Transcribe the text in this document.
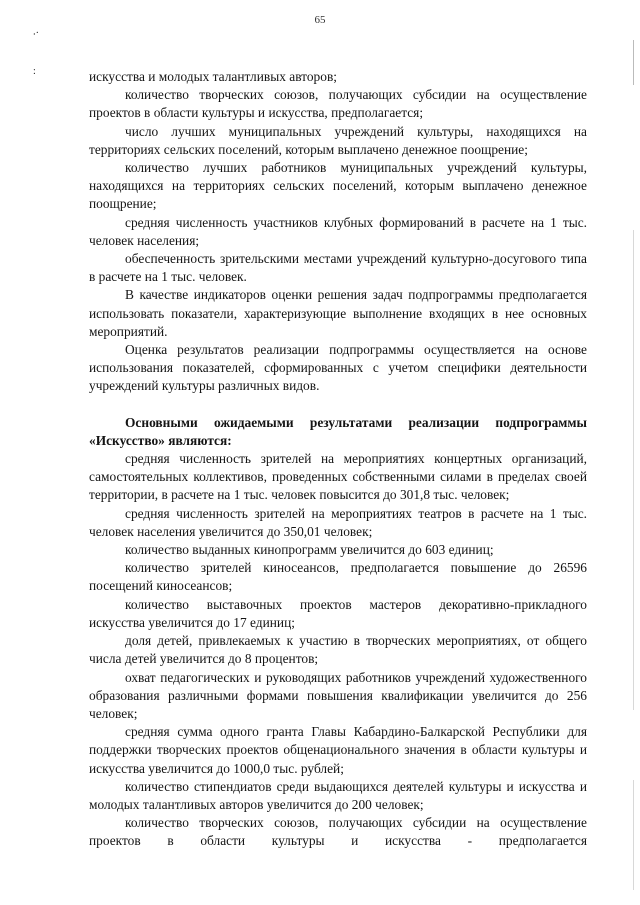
65
⸳·
:	искусства и молодых талантливых авторов;

количество творческих союзов, получающих субсидии на осуществление проектов в области культуры и искусства, предполагается;

число лучших муниципальных учреждений культуры, находящихся на территориях сельских поселений, которым выплачено денежное поощрение;

количество лучших работников муниципальных учреждений культуры, находящихся на территориях сельских поселений, которым выплачено денежное поощрение;

средняя численность участников клубных формирований в расчете на 1 тыс. человек населения;

обеспеченность зрительскими местами учреждений культурно-досугового типа в расчете на 1 тыс. человек.

В качестве индикаторов оценки решения задач подпрограммы предполагается использовать показатели, характеризующие выполнение входящих в нее основных мероприятий.

Оценка результатов реализации подпрограммы осуществляется на основе использования показателей, сформированных с учетом специфики деятельности учреждений культуры различных видов.

Основными ожидаемыми результатами реализации подпрограммы «Искусство» являются:

средняя численность зрителей на мероприятиях концертных организаций, самостоятельных коллективов, проведенных собственными силами в пределах своей территории, в расчете на 1 тыс. человек повысится до 301,8 тыс. человек;

средняя численность зрителей на мероприятиях театров в расчете на 1 тыс. человек населения увеличится до 350,01 человек;

количество выданных кинопрограмм увеличится до 603 единиц;

количество зрителей киносеансов, предполагается повышение до 26596 посещений киносеансов;

количество выставочных проектов мастеров декоративно-прикладного искусства увеличится до 17 единиц;

доля детей, привлекаемых к участию в творческих мероприятиях, от общего числа детей увеличится до 8 процентов;

охват педагогических и руководящих работников учреждений художественного образования различными формами повышения квалификации увеличится до 256 человек;

средняя сумма одного гранта Главы Кабардино-Балкарской Республики для поддержки творческих проектов общенационального значения в области культуры и искусства увеличится до 1000,0 тыс. рублей;

количество стипендиатов среди выдающихся деятелей культуры и искусства и молодых талантливых авторов увеличится до 200 человек;

количество творческих союзов, получающих субсидии на осуществление проектов в области культуры и искусства - предполагается
